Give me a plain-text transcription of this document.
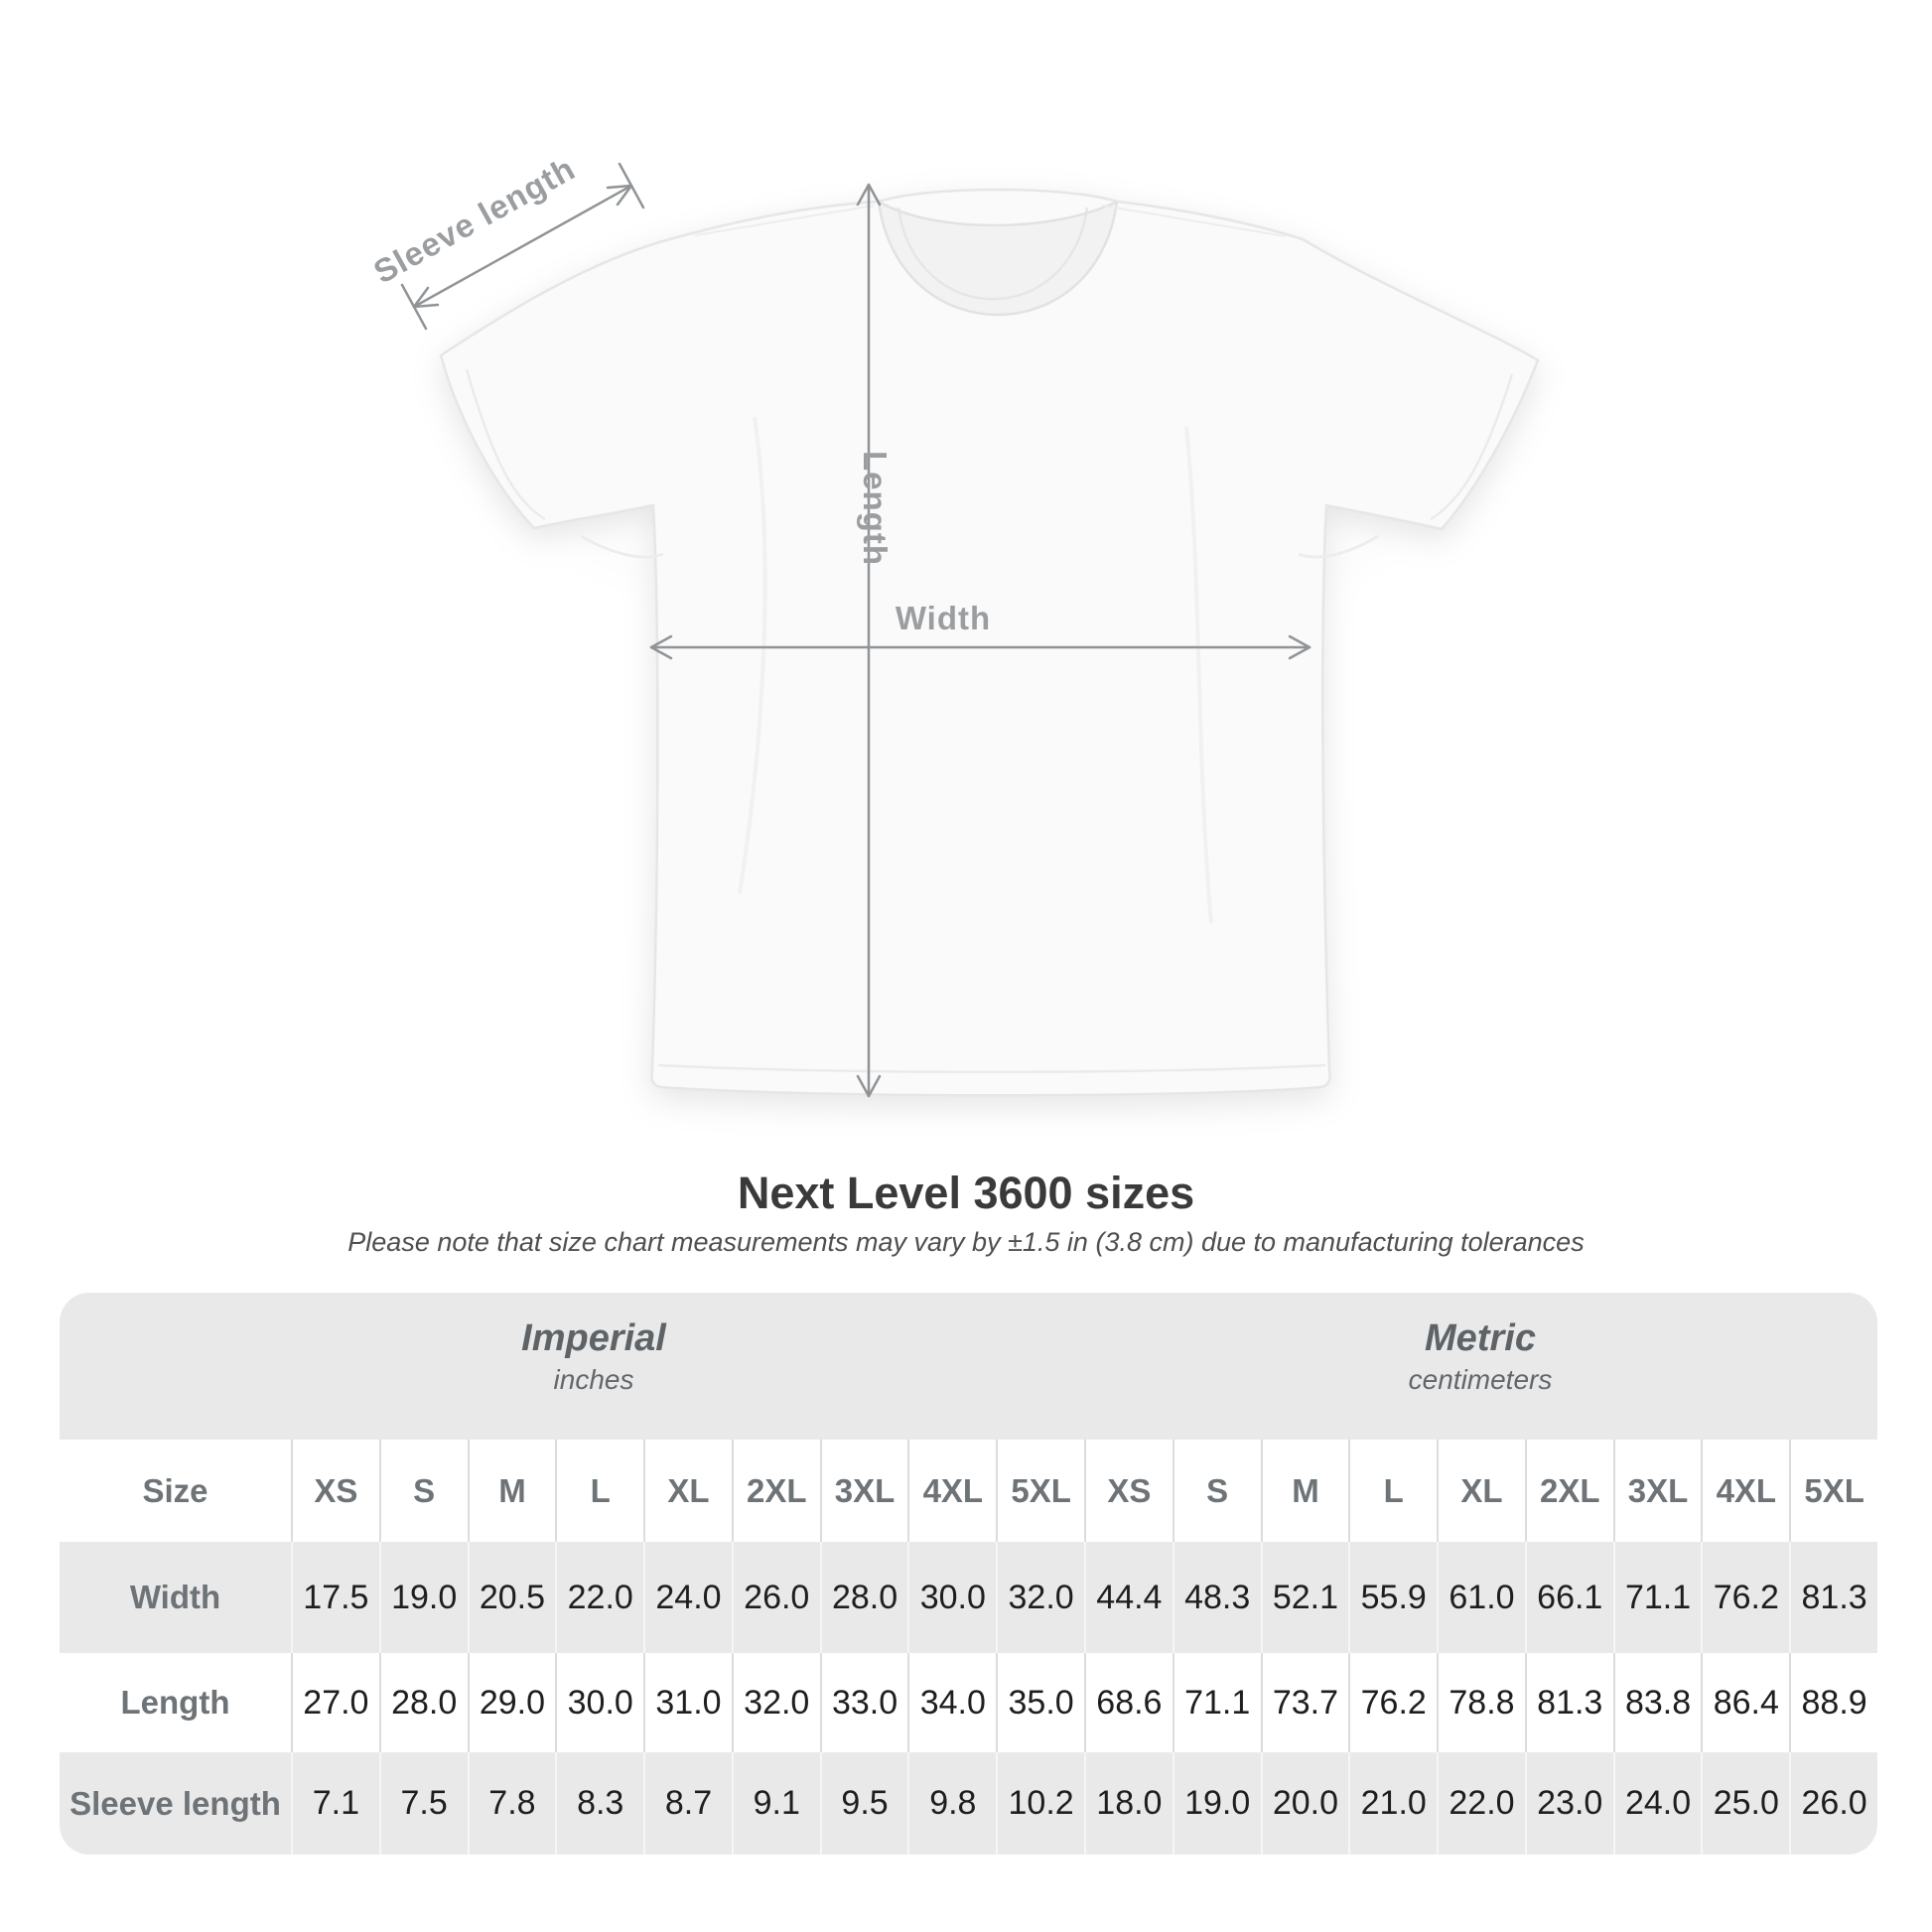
Sleeve length
Length
Width
Next Level 3600 sizes
Please note that size chart measurements may vary by ±1.5 in (3.8 cm) due to manufacturing tolerances
Imperial
inches
Metric
centimeters
Size	XS	S	M	L	XL	2XL 3XL 4XL 5XL	XS	S	M	L	XL	2XL 3XL 4XL 5XL
Width	17.5 19.0 20.5 22.0 24.0 26.0 28.0 30.0 32.0 44.4 48.3 52.1 55.9 61.0 66.1 71.1 76.2 81.3
Length	27.0 28.0 29.0 30.0 31.0 32.0 33.0 34.0 35.0 68.6 71.1 73.7 76.2 78.8 81.3 83.8 86.4 88.9
Sleeve length 7.1	7.5	7.8	8.3	8.7	9.1	9.5	9.8 10.2 18.0 19.0 20.0 21.0 22.0 23.0 24.0 25.0 26.0
